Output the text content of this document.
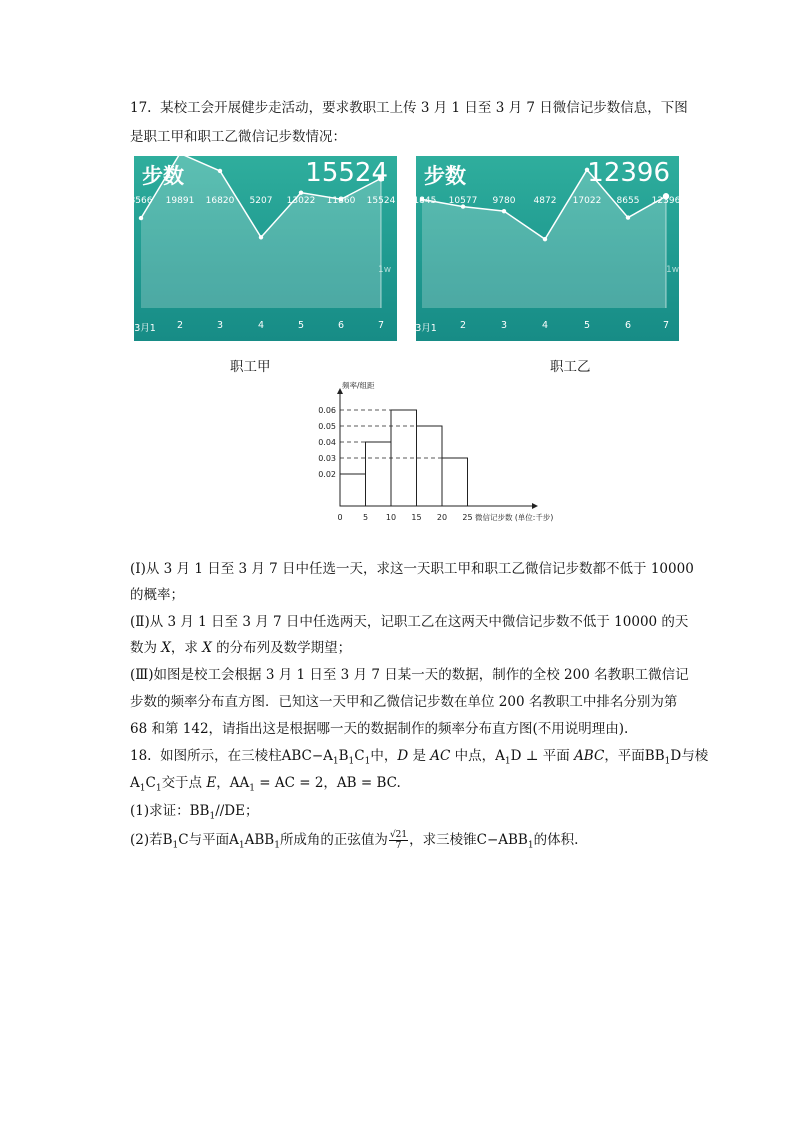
17. 某校工会开展健步走活动，要求教职工上传 3 月 1 日至 3 月 7 日微信记步数信息，下图
是职工甲和职工乙微信记步数情况：
步数	15524
1w
8566 19891 16820 5207 13022 11860 15524
3月1 2	3	4	5	6	7
步数	12396
1w
11845 10577 9780 4872 17022 8655 12396
3月1 2	3	4	5	6	7
职工甲	职工乙
0.06
0.05
0.04
0.03
0.02
0	5 10 15 20 25
频率/组距
微信记步数 (单位:千步)
(Ⅰ)从 3 月 1 日至 3 月 7 日中任选一天，求这一天职工甲和职工乙微信记步数都不低于 10000
的概率；
(Ⅱ)从 3 月 1 日至 3 月 7 日中任选两天，记职工乙在这两天中微信记步数不低于 10000 的天
数为 X，求 X 的分布列及数学期望；
(Ⅲ)如图是校工会根据 3 月 1 日至 3 月 7 日某一天的数据，制作的全校 200 名教职工微信记
步数的频率分布直方图．已知这一天甲和乙微信记步数在单位 200 名教职工中排名分别为第
68 和第 142，请指出这是根据哪一天的数据制作的频率分布直方图(不用说明理由).
18. 如图所示，在三棱柱$ABC-A_1B_1C_1$中，D 是 AC 中点，$A_1D$ ⊥ 平面 ABC，平面$BB_1D$与棱
$A_1C_1$交于点 E，$AA_1$ = AC = 2，AB = BC.
(1)求证：$BB_1//DE$；
(2)若$B_1C$与平面$A_1ABB_1$所成角的正弦值为 $\frac{√21}{7}$ ，求三棱锥$C-ABB_1$的体积.
